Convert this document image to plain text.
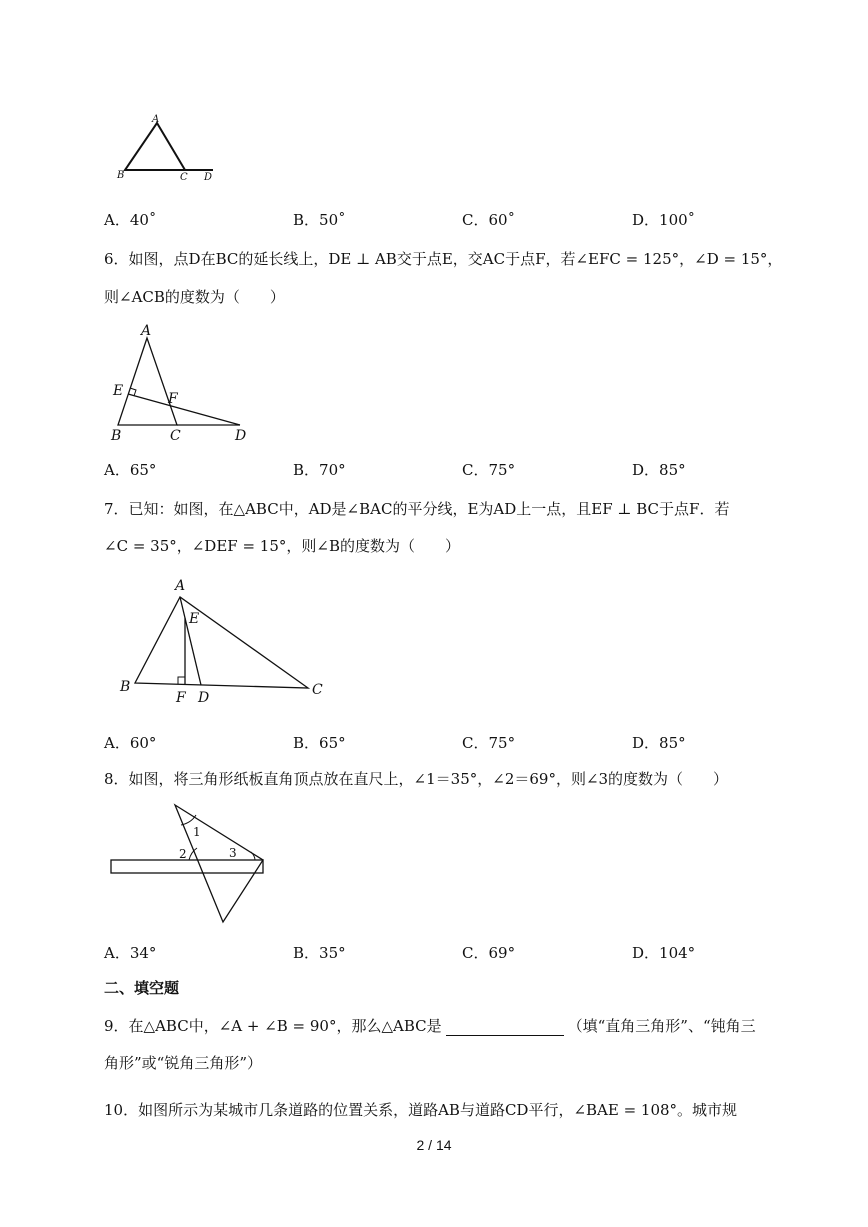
A
B	C D
A．40˚	B．50˚	C．60˚	D．100˚
6．如图，点D在BC的延长线上，DE ⊥ AB交于点E，交AC于点F，若∠EFC = 125°，∠D = 15°，
则∠ACB的度数为（　　）
A
E	F
B	C	D
A．65°	B．70°	C．75°	D．85°
7．已知：如图，在△ABC中，AD是∠BAC的平分线，E为AD上一点，且EF ⊥ BC于点F．若
∠C = 35°，∠DEF = 15°，则∠B的度数为（　　）
A
E
B
F D	C
A．60°	B．65°	C．75°	D．85°
8．如图，将三角形纸板直角顶点放在直尺上，∠1＝35°，∠2＝69°，则∠3的度数为（　　）
1
2	3
A．34°	B．35°	C．69°	D．104°
二、填空题
9．在△ABC中，∠A + ∠B = 90°，那么△ABC是	（填“直角三角形”、“钝角三
角形”或“锐角三角形”）
10．如图所示为某城市几条道路的位置关系，道路AB与道路CD平行，∠BAE = 108°。城市规
2 / 14
